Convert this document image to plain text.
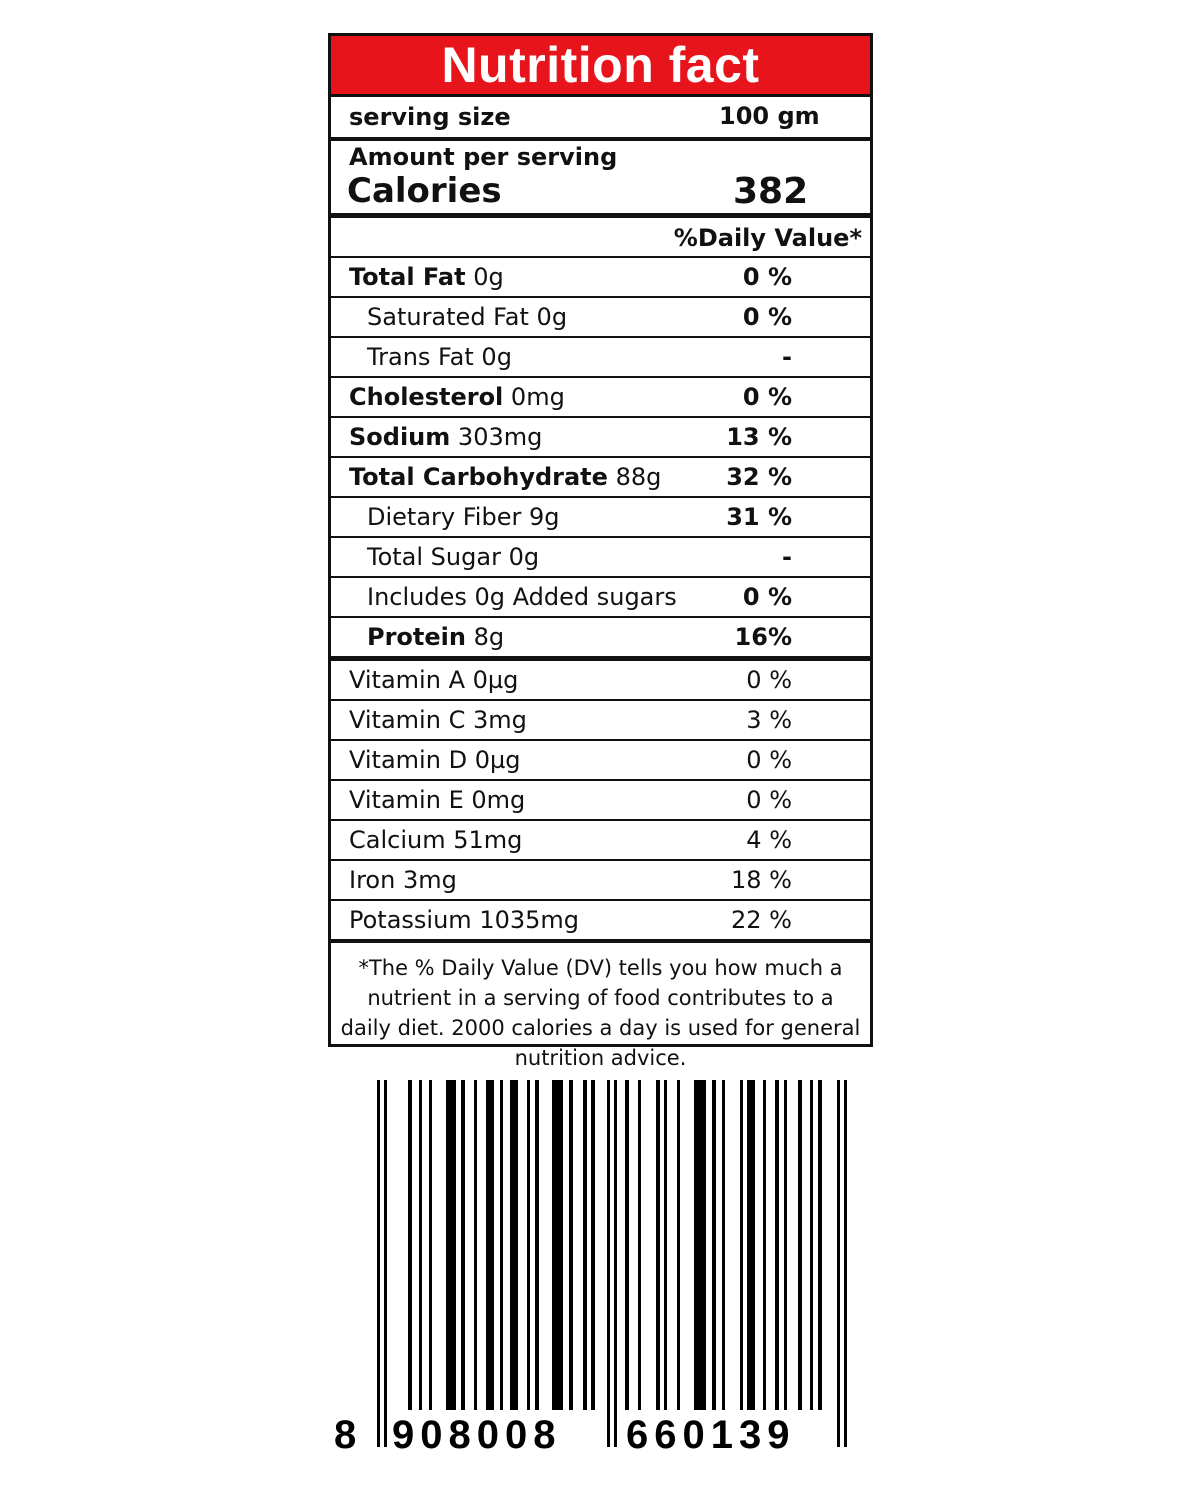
Nutrition fact
serving size	100 gm
Amount per serving
Calories	382
%Daily Value*
Total Fat 0g	0 %
Saturated Fat 0g	0 %
Trans Fat 0g	-
Cholesterol 0mg	0 %
Sodium 303mg	13 %
Total Carbohydrate 88g	32 %
Dietary Fiber 9g	31 %
Total Sugar 0g	-
Includes 0g Added sugars	0 %
Protein 8g	16%
Vitamin A 0µg	0 %
Vitamin C 3mg	3 %
Vitamin D 0µg	0 %
Vitamin E 0mg	0 %
Calcium 51mg	4 %
Iron 3mg	18 %
Potassium 1035mg	22 %
*The % Daily Value (DV) tells you how much a nutrient in a serving of food contributes to a daily diet. 2000 calories a day is used for general nutrition advice.
8 908008 660139
